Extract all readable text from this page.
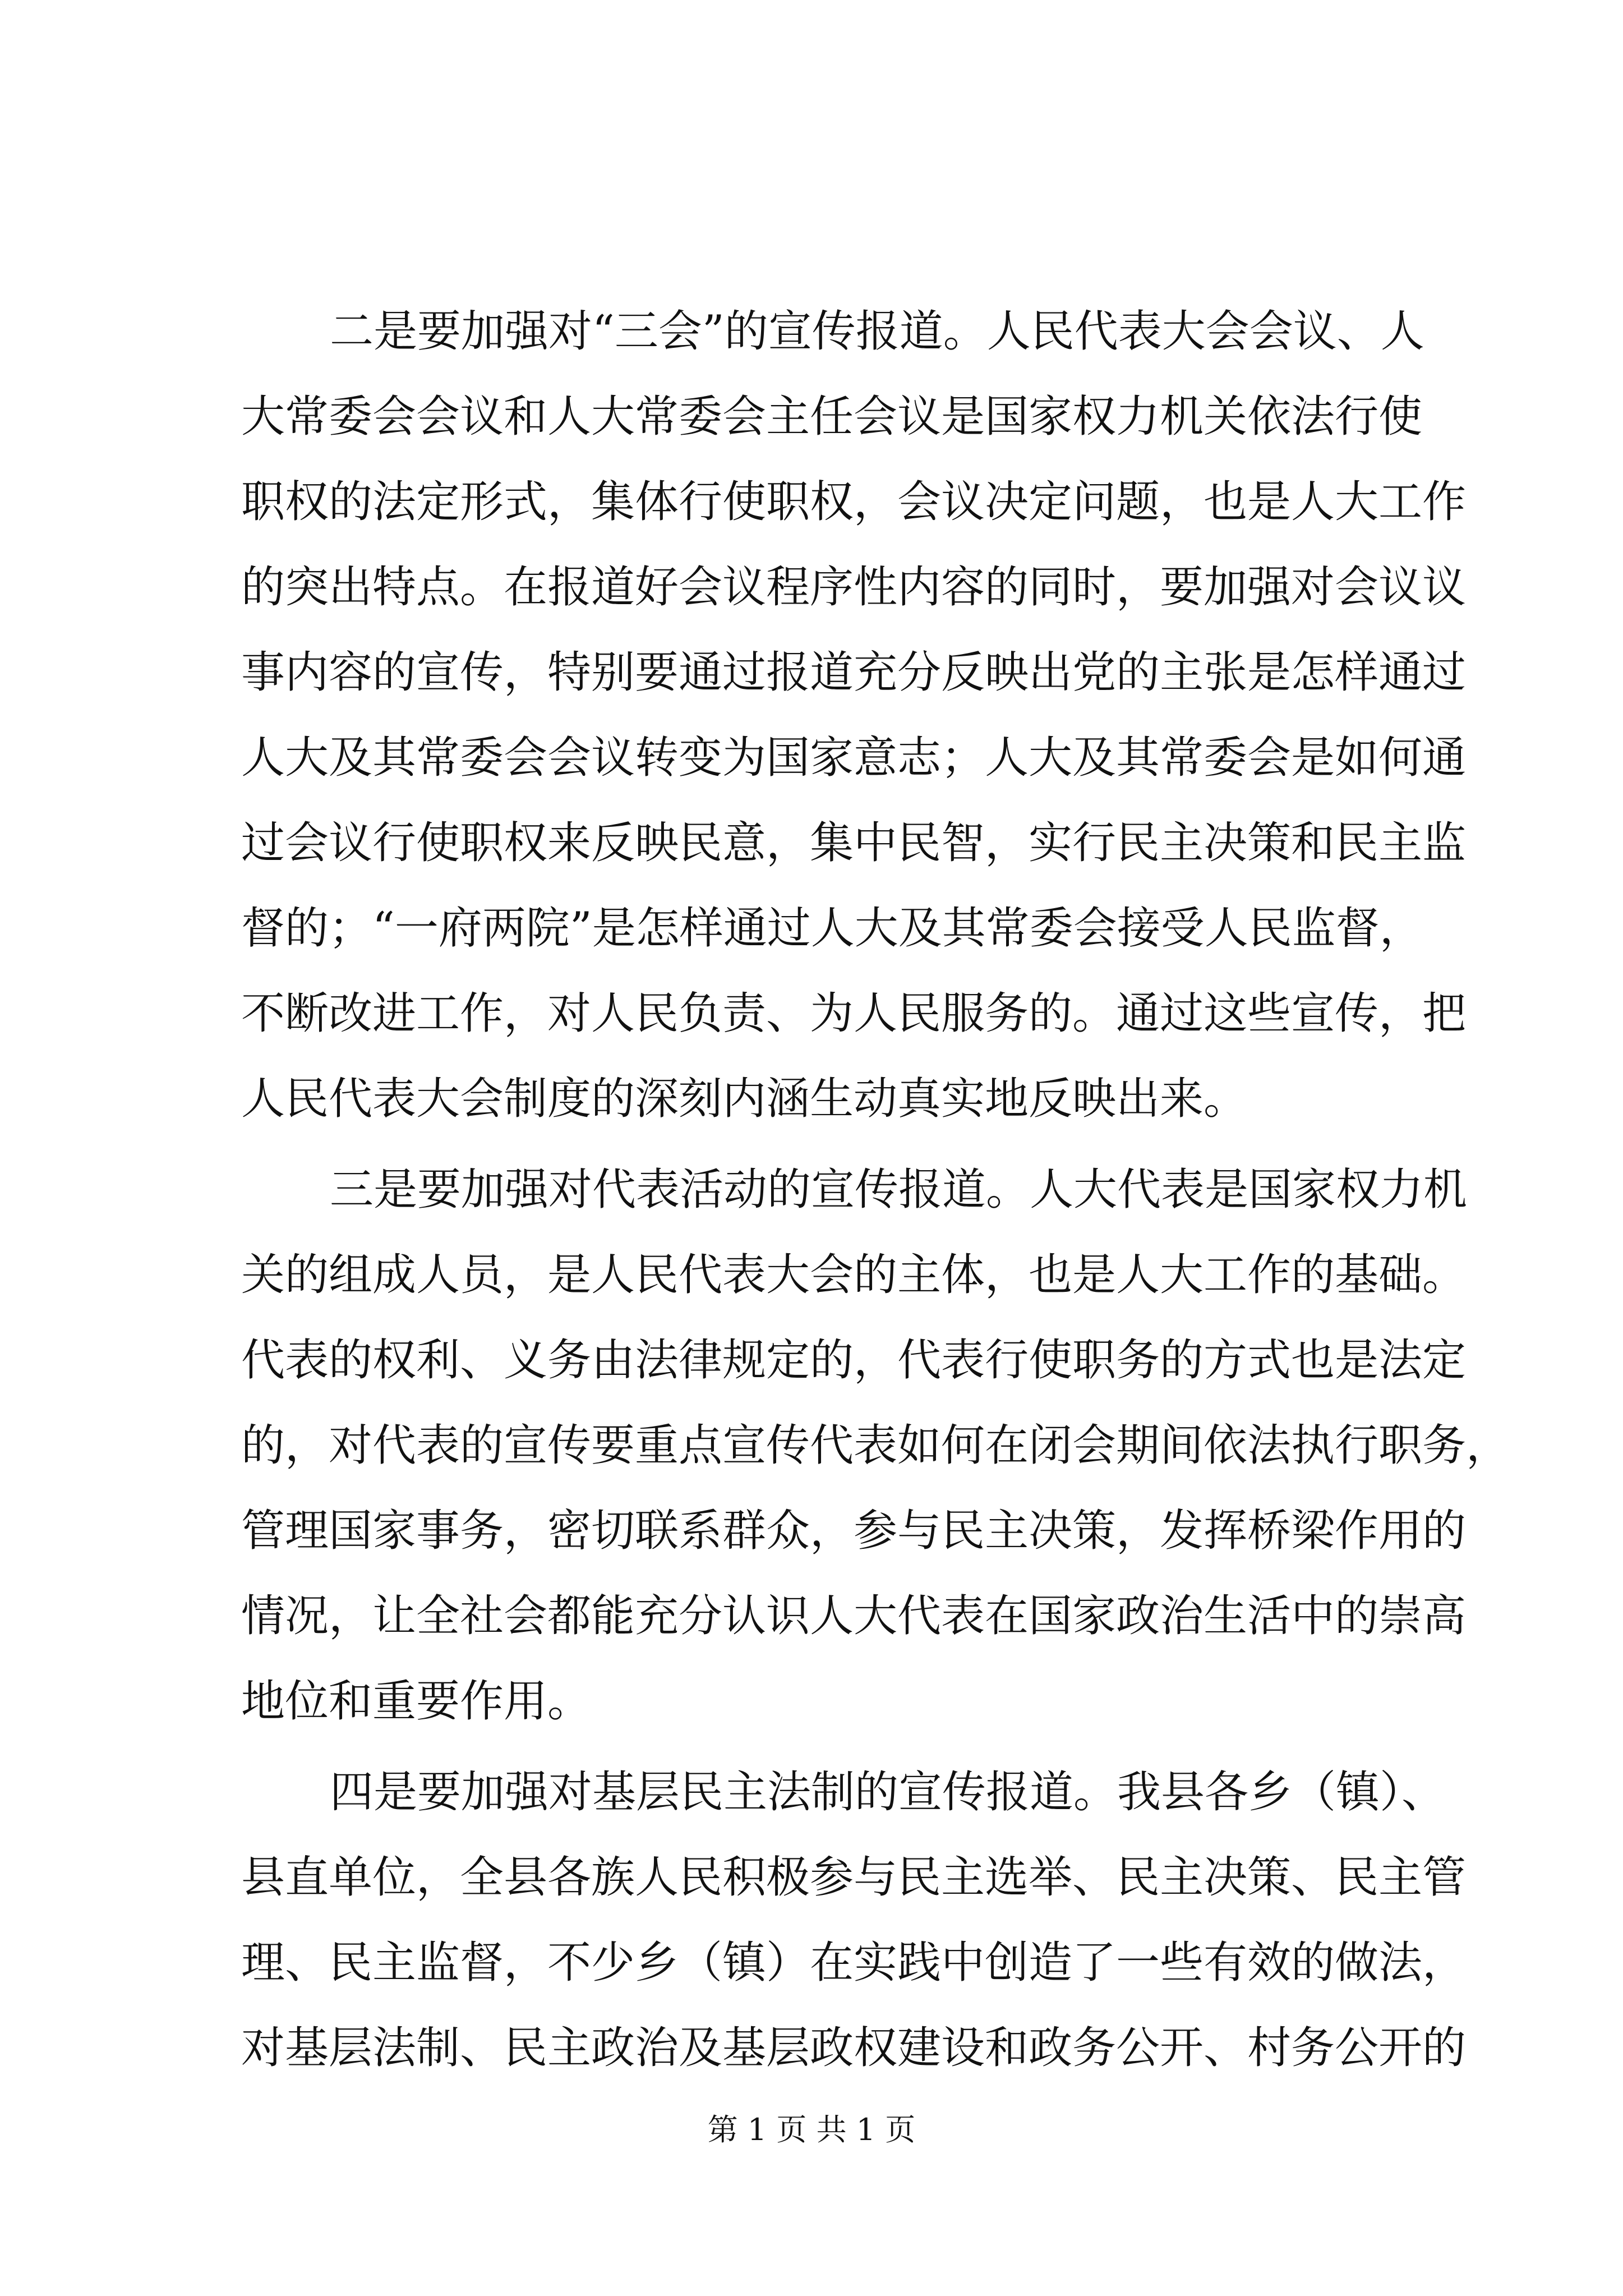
二是要加强对“三会”的宣传报道。人民代表大会会议、人
大常委会会议和人大常委会主任会议是国家权力机关依法行使
职权的法定形式，集体行使职权，会议决定问题，也是人大工作
的突出特点。在报道好会议程序性内容的同时，要加强对会议议
事内容的宣传，特别要通过报道充分反映出党的主张是怎样通过
人大及其常委会会议转变为国家意志；人大及其常委会是如何通
过会议行使职权来反映民意，集中民智，实行民主决策和民主监
督的；“一府两院”是怎样通过人大及其常委会接受人民监督，
不断改进工作，对人民负责、为人民服务的。通过这些宣传，把
人民代表大会制度的深刻内涵生动真实地反映出来。
三是要加强对代表活动的宣传报道。人大代表是国家权力机
关的组成人员，是人民代表大会的主体，也是人大工作的基础。
代表的权利、义务由法律规定的，代表行使职务的方式也是法定
的，对代表的宣传要重点宣传代表如何在闭会期间依法执行职务，
管理国家事务，密切联系群众，参与民主决策，发挥桥梁作用的
情况，让全社会都能充分认识人大代表在国家政治生活中的崇高
地位和重要作用。
四是要加强对基层民主法制的宣传报道。我县各乡（镇）、
县直单位，全县各族人民积极参与民主选举、民主决策、民主管
理、民主监督，不少乡（镇）在实践中创造了一些有效的做法，
对基层法制、民主政治及基层政权建设和政务公开、村务公开的
第 1 页 共 1 页
